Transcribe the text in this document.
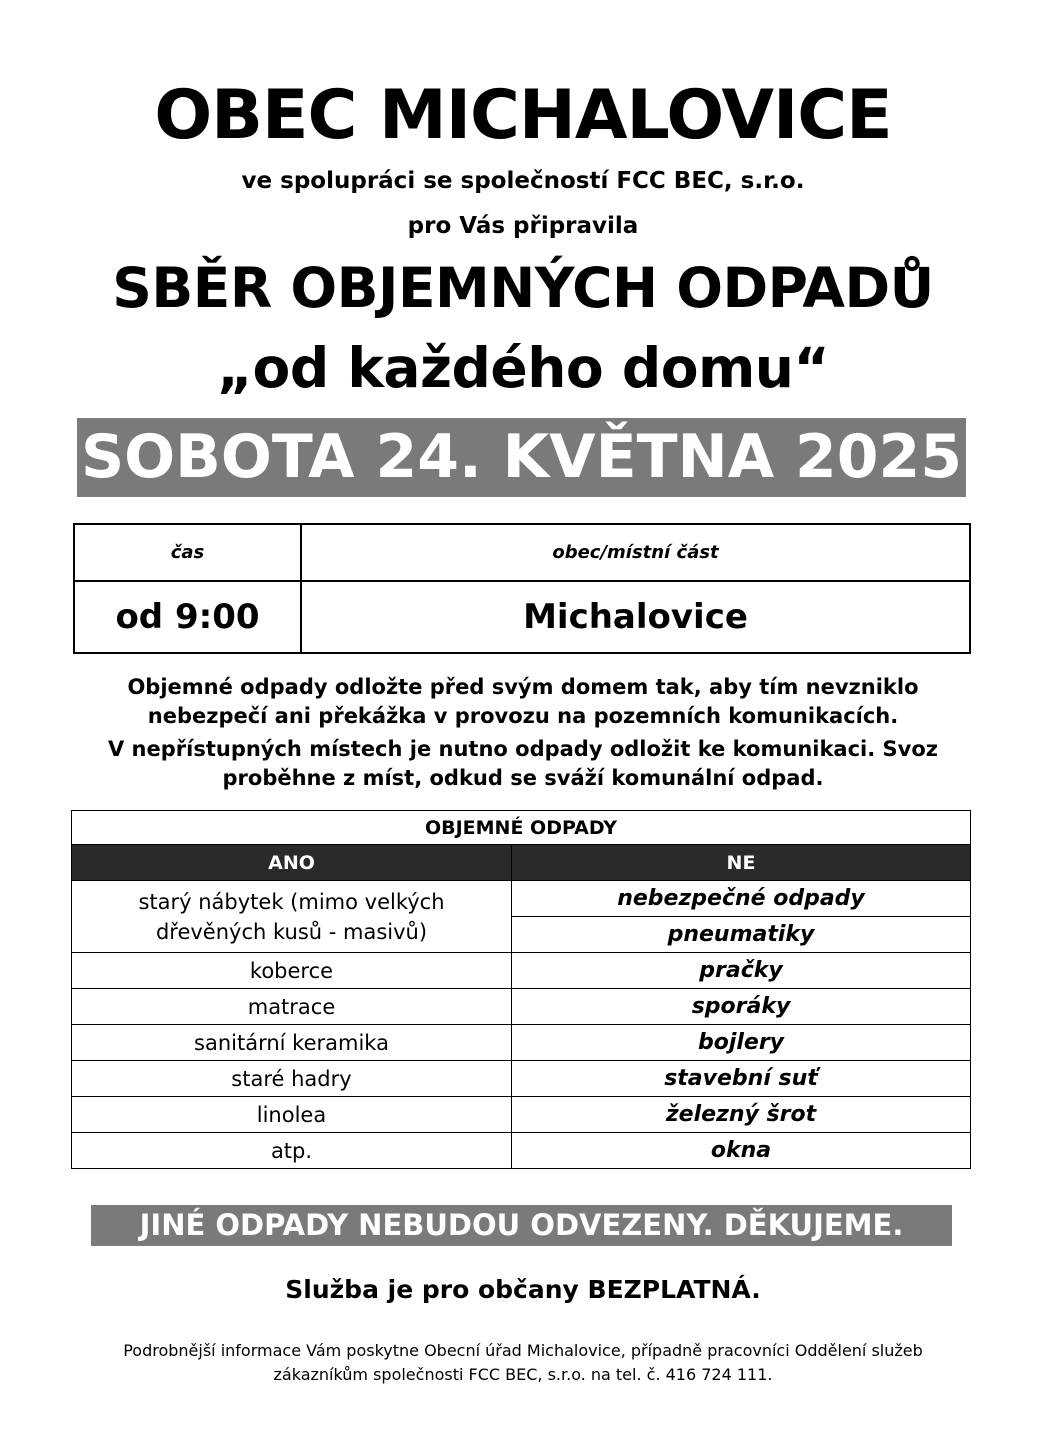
OBEC MICHALOVICE
ve spolupráci se společností FCC BEC, s.r.o.
pro Vás připravila
SBĚR OBJEMNÝCH ODPADŮ
„od každého domu“
SOBOTA 24. KVĚTNA 2025
čas	obec/místní část
od 9:00	Michalovice
Objemné odpady odložte před svým domem tak, aby tím nevzniklo
nebezpečí ani překážka v provozu na pozemních komunikacích.
V nepřístupných místech je nutno odpady odložit ke komunikaci. Svoz
proběhne z míst, odkud se sváží komunální odpad.
OBJEMNÉ ODPADY	
ANO	NE

starý nábytek (mimo velkých
dřevěných kusů - masivů)	nebezpečné odpady
	pneumatiky
koberce	pračky
matrace	sporáky
sanitární keramika	bojlery
staré hadry	stavební suť
linolea	železný šrot
atp.	okna
JINÉ ODPADY NEBUDOU ODVEZENY. DĚKUJEME.
Služba je pro občany BEZPLATNÁ.
Podrobnější informace Vám poskytne Obecní úřad Michalovice, případně pracovníci Oddělení služeb
zákazníkům společnosti FCC BEC, s.r.o. na tel. č. 416 724 111.
